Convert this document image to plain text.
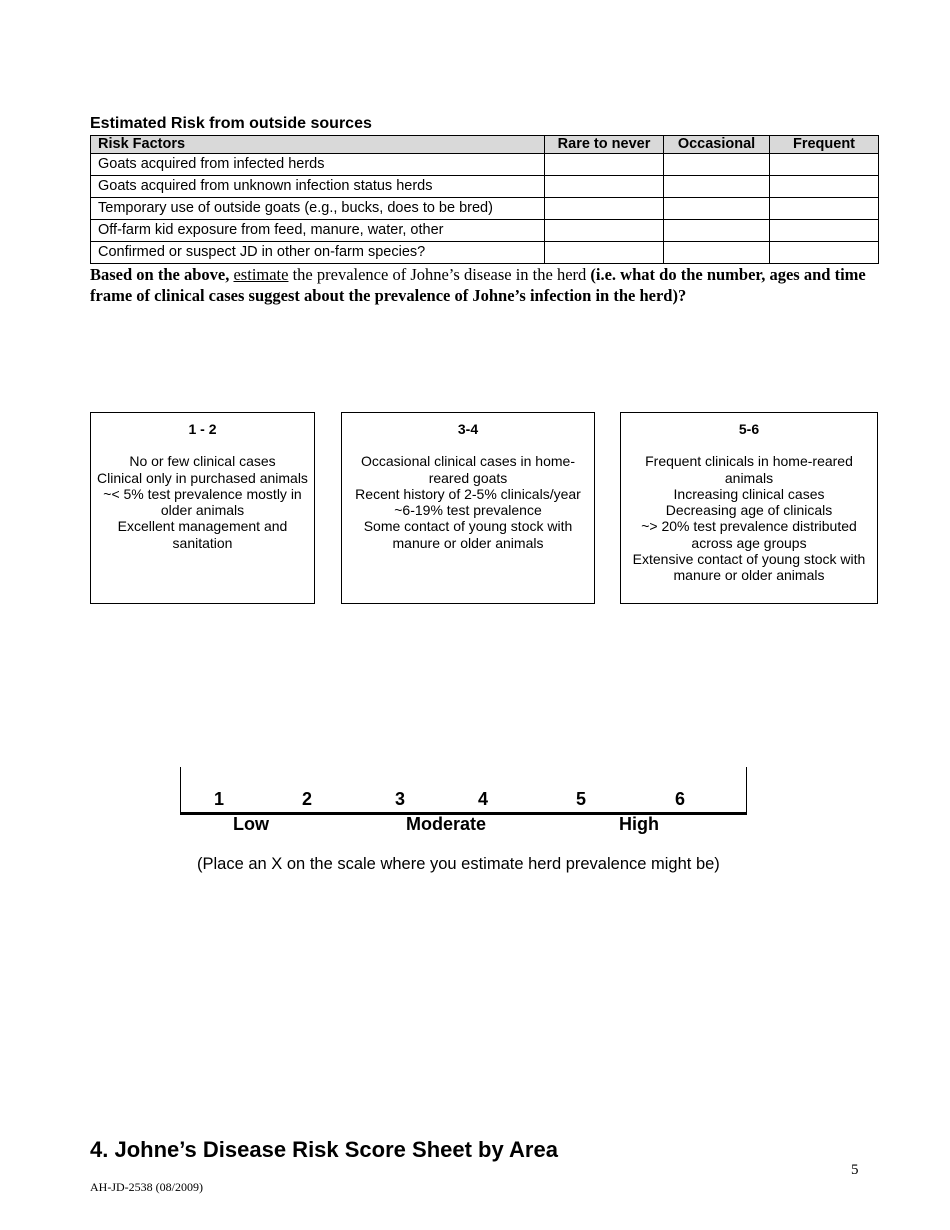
Estimated Risk from outside sources
Risk Factors	Rare to never	Occasional	Frequent
Goats acquired from infected herds			
Goats acquired from unknown infection status herds			
Temporary use of outside goats (e.g., bucks, does to be bred)			
Off-farm kid exposure from feed, manure, water, other			
Confirmed or suspect JD in other on-farm species?			
Based on the above, estimate the prevalence of Johne’s disease in the herd (i.e. what do the number, ages and time frame of clinical cases suggest about the prevalence of Johne’s infection in the herd)?
1 - 2
No or few clinical cases
Clinical only in purchased animals
~< 5% test prevalence mostly in
older animals
Excellent management and
sanitation
3-4
Occasional clinical cases in home-
reared goats
Recent history of 2-5% clinicals/year
~6-19% test prevalence
Some contact of young stock with
manure or older animals
5-6
Frequent clinicals in home-reared
animals
Increasing clinical cases
Decreasing age of clinicals
~> 20% test prevalence distributed
across age groups
Extensive contact of young stock with
manure or older animals
1	2	3	4	5	6
Low	Moderate	High
(Place an X on the scale where you estimate herd prevalence might be)
4. Johne’s Disease Risk Score Sheet by Area
5
AH-JD-2538 (08/2009)
